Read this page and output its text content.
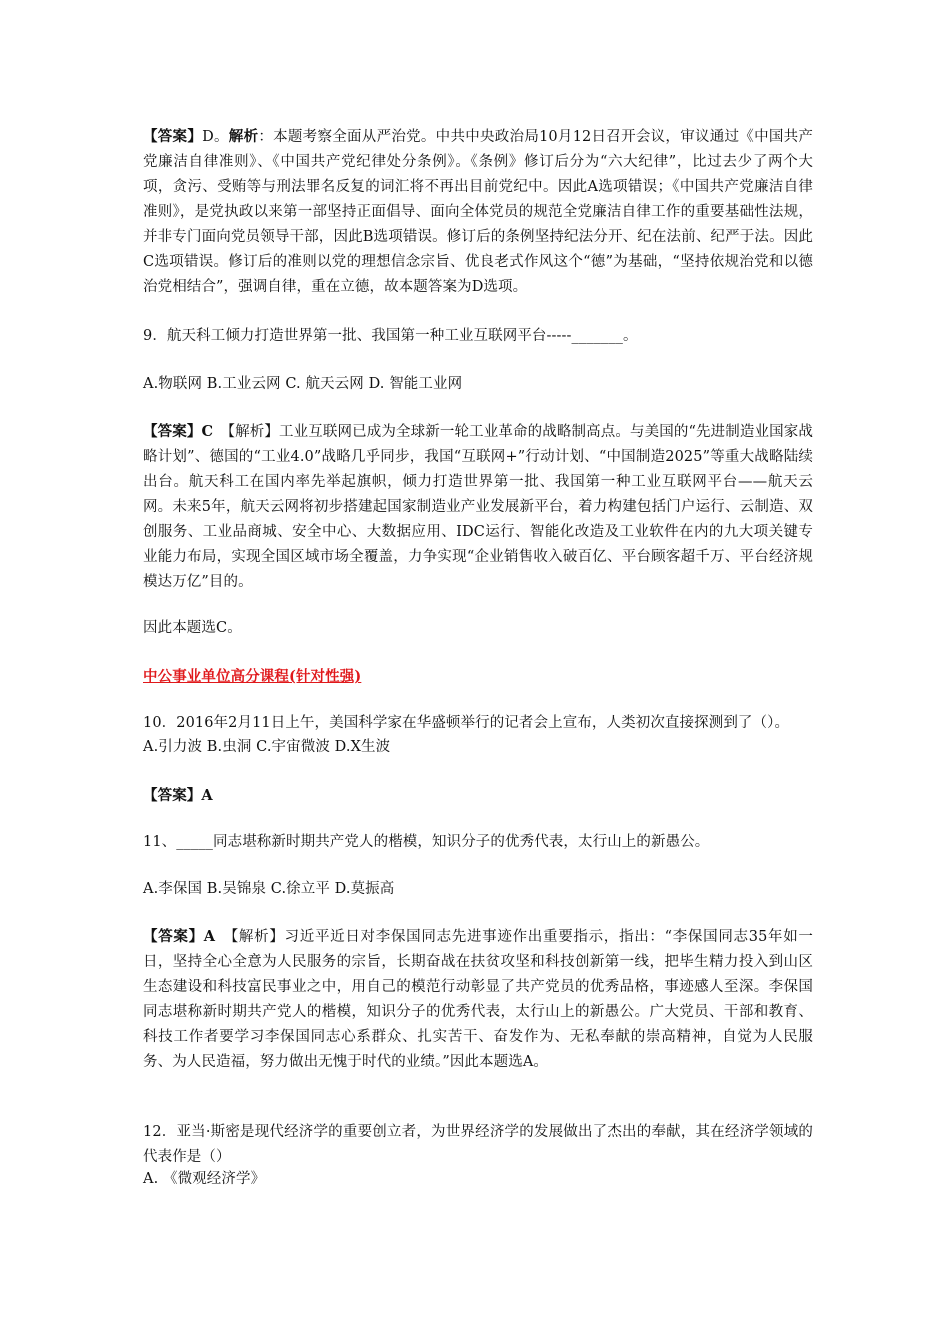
【答案】D。解析：本题考察全面从严治党。中共中央政治局10月12日召开会议，审议通过《中国共产党廉洁自律准则》、《中国共产党纪律处分条例》。《条例》修订后分为“六大纪律”，比过去少了两个大项，贪污、受贿等与刑法罪名反复的词汇将不再出目前党纪中。因此A选项错误；《中国共产党廉洁自律准则》，是党执政以来第一部坚持正面倡导、面向全体党员的规范全党廉洁自律工作的重要基础性法规，并非专门面向党员领导干部，因此B选项错误。修订后的条例坚持纪法分开、纪在法前、纪严于法。因此C选项错误。修订后的准则以党的理想信念宗旨、优良老式作风这个“德”为基础，“坚持依规治党和以德治党相结合”，强调自律，重在立德，故本题答案为D选项。

9．航天科工倾力打造世界第一批、我国第一种工业互联网平台-----_______。

A.物联网 B.工业云网 C. 航天云网 D. 智能工业网

【答案】C　【解析】工业互联网已成为全球新一轮工业革命的战略制高点。与美国的“先进制造业国家战略计划”、德国的“工业4.0”战略几乎同步，我国“互联网+”行动计划、“中国制造2025”等重大战略陆续出台。航天科工在国内率先举起旗帜，倾力打造世界第一批、我国第一种工业互联网平台——航天云网。未来5年，航天云网将初步搭建起国家制造业产业发展新平台，着力构建包括门户运行、云制造、双创服务、工业品商城、安全中心、大数据应用、IDC运行、智能化改造及工业软件在内的九大项关键专业能力布局，实现全国区域市场全覆盖，力争实现“企业销售收入破百亿、平台顾客超千万、平台经济规模达万亿”目的。

因此本题选C。

中公事业单位高分课程(针对性强)

10．2016年2月11日上午，美国科学家在华盛顿举行的记者会上宣布，人类初次直接探测到了（）。

A.引力波 B.虫洞 C.宇宙微波 D.X生波

【答案】A

11、_____同志堪称新时期共产党人的楷模，知识分子的优秀代表，太行山上的新愚公。

A.李保国 B.吴锦泉 C.徐立平 D.莫振高

【答案】A　【解析】习近平近日对李保国同志先进事迹作出重要指示，指出：“李保国同志35年如一日，坚持全心全意为人民服务的宗旨，长期奋战在扶贫攻坚和科技创新第一线，把毕生精力投入到山区生态建设和科技富民事业之中，用自己的模范行动彰显了共产党员的优秀品格，事迹感人至深。李保国同志堪称新时期共产党人的楷模，知识分子的优秀代表，太行山上的新愚公。广大党员、干部和教育、科技工作者要学习李保国同志心系群众、扎实苦干、奋发作为、无私奉献的崇高精神，自觉为人民服务、为人民造福，努力做出无愧于时代的业绩。”因此本题选A。

12．亚当·斯密是现代经济学的重要创立者，为世界经济学的发展做出了杰出的奉献，其在经济学领域的代表作是（）

A. 《微观经济学》
